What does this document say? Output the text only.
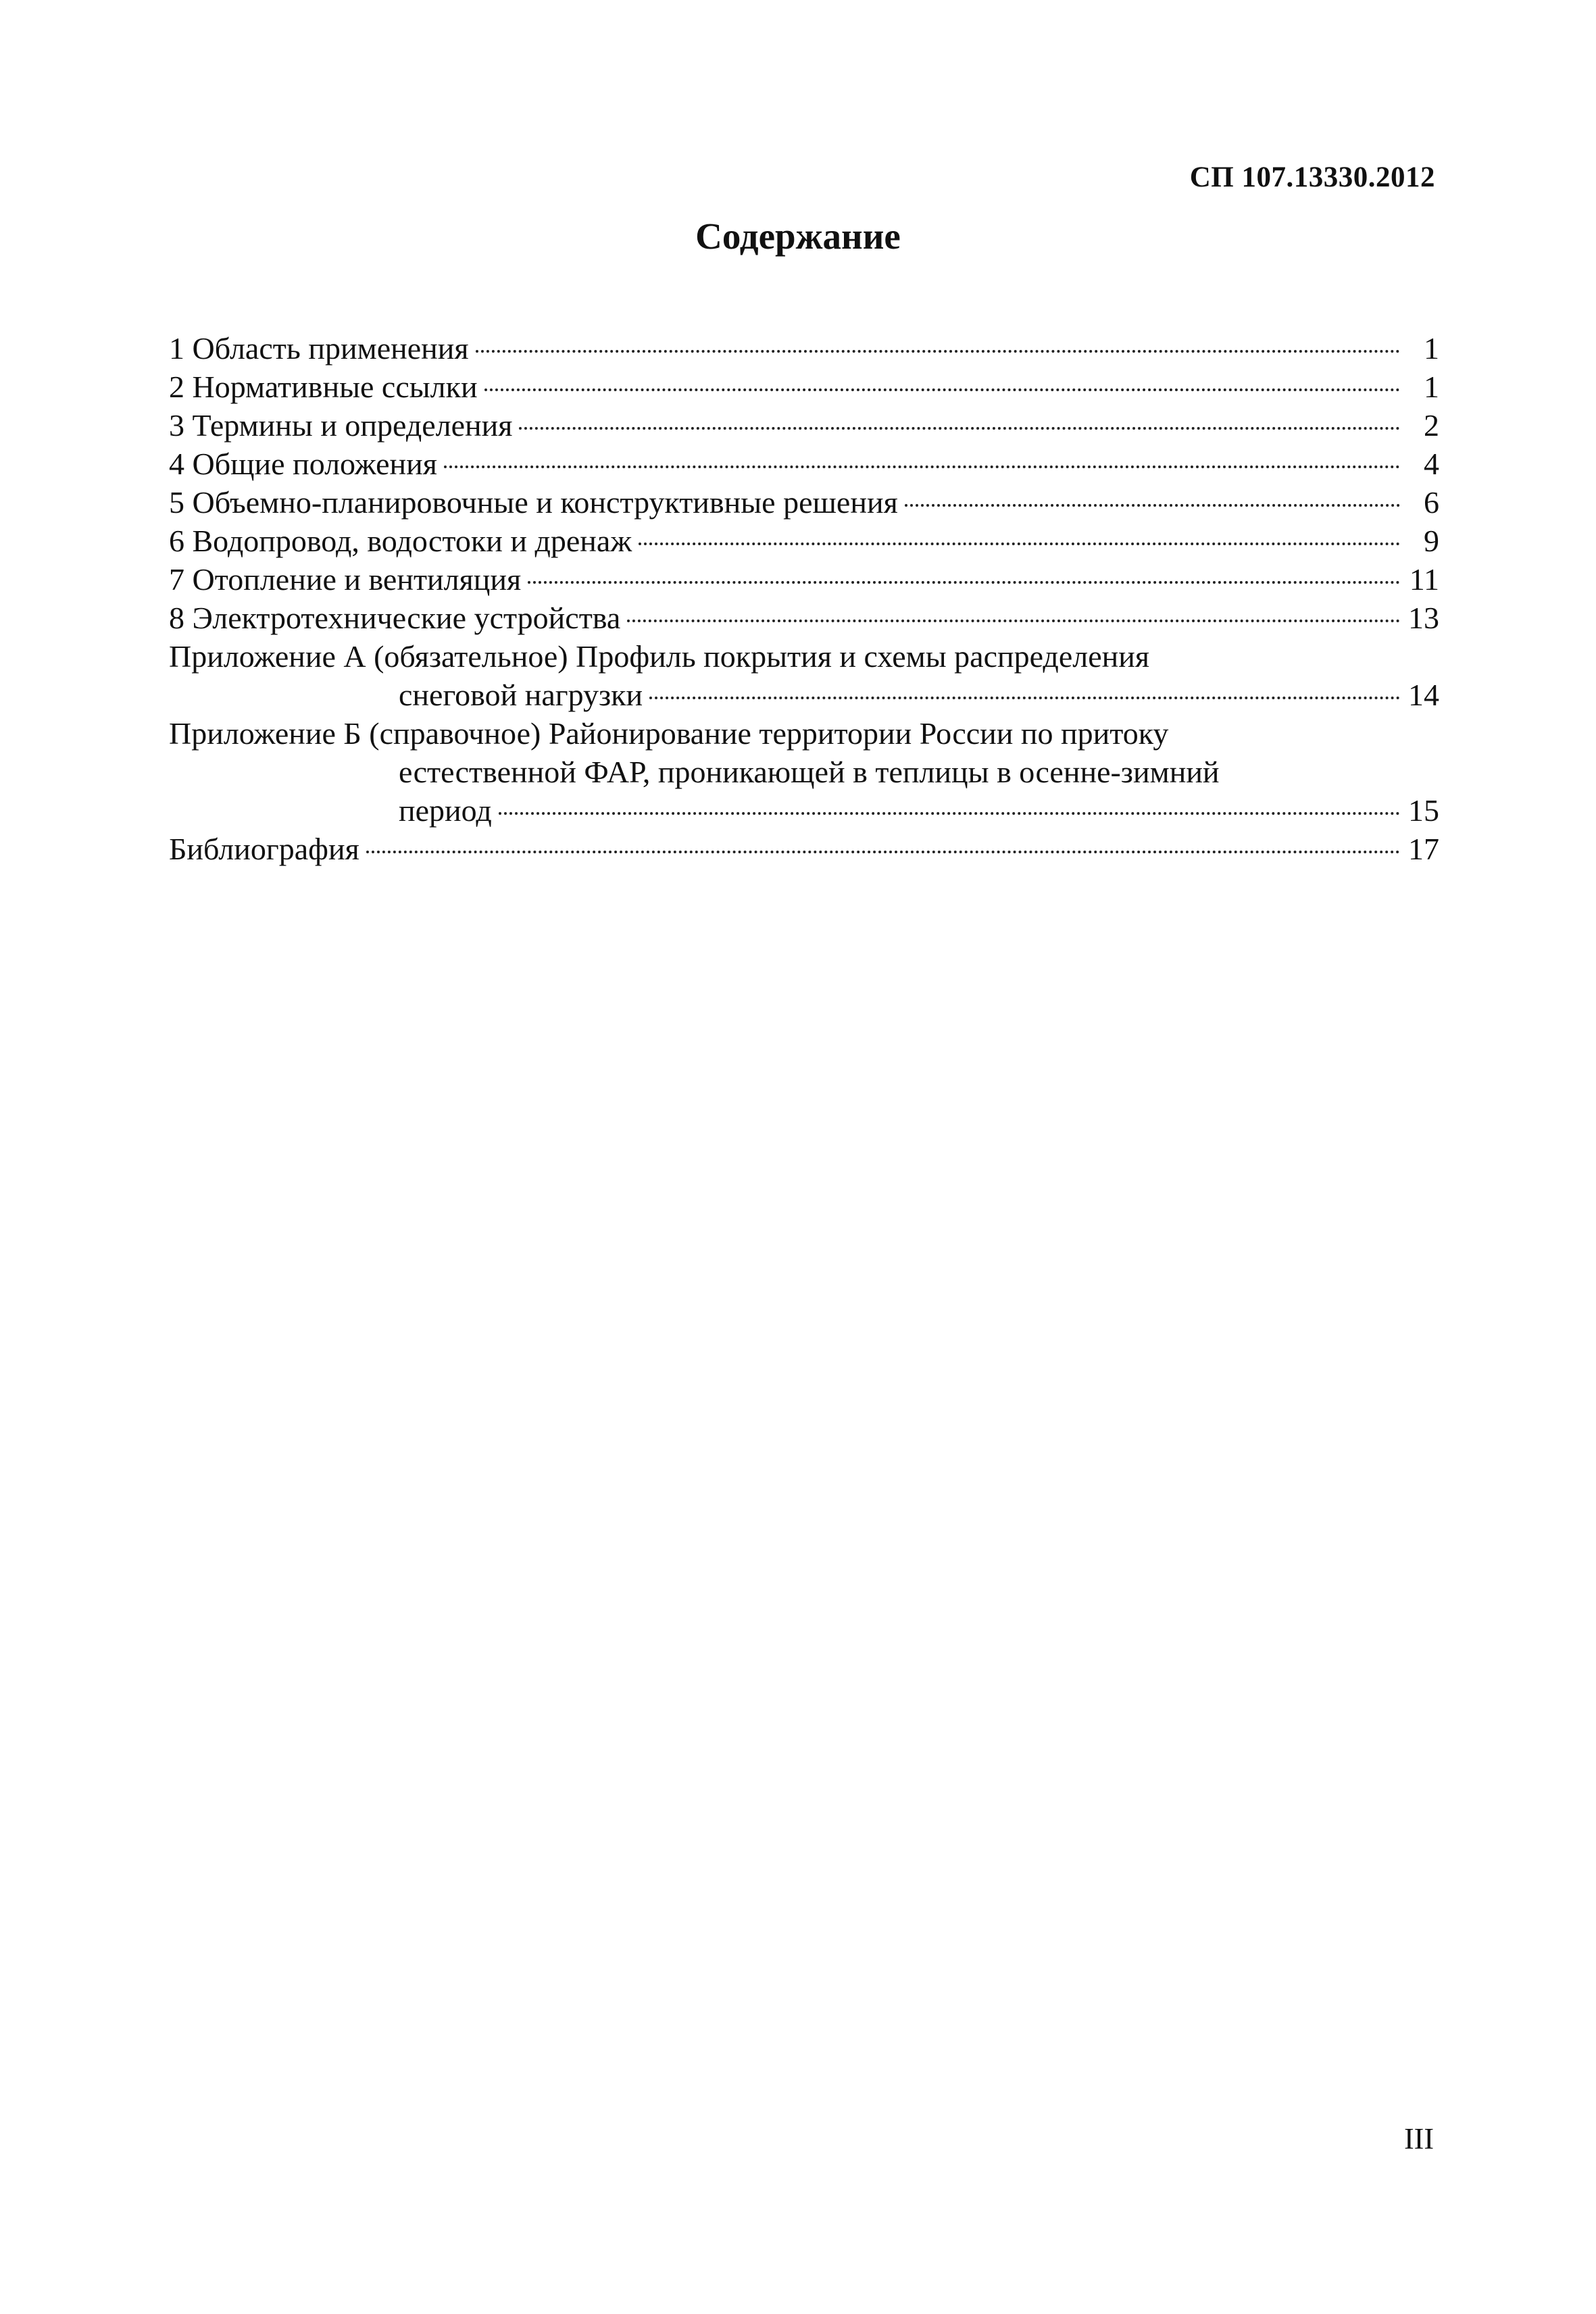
СП 107.13330.2012
Содержание
1 Область применения	1
2 Нормативные ссылки	1
3 Термины и определения	2
4 Общие положения	4
5 Объемно-планировочные и конструктивные решения	6
6 Водопровод, водостоки и дренаж	9
7 Отопление и вентиляция	11
8 Электротехнические устройства	13
Приложение А (обязательное) Профиль покрытия и схемы распределения
снеговой нагрузки	14
Приложение Б (справочное) Районирование территории России по притоку
естественной ФАР, проникающей в теплицы в осенне-зимний
период	15
Библиография	17
III
